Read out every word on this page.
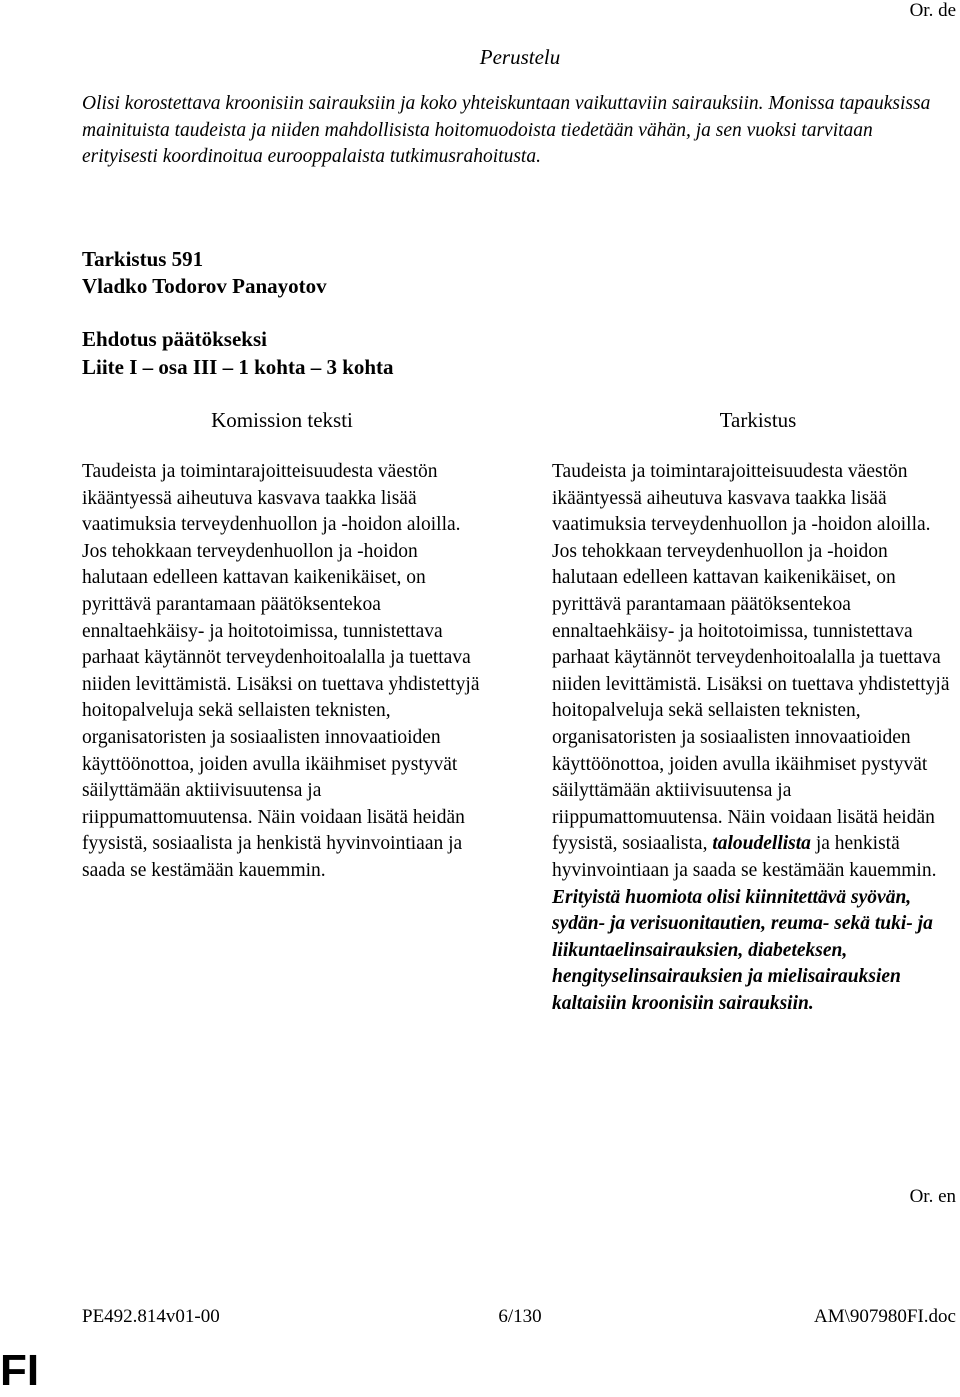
Or. de
Perustelu
Olisi korostettava kroonisiin sairauksiin ja koko yhteiskuntaan vaikuttaviin sairauksiin. Monissa tapauksissa mainituista taudeista ja niiden mahdollisista hoitomuodoista tiedetään vähän, ja sen vuoksi tarvitaan erityisesti koordinoitua eurooppalaista tutkimusrahoitusta.
Tarkistus 591
Vladko Todorov Panayotov
Ehdotus päätökseksi
Liite I – osa III – 1 kohta – 3 kohta
Komission teksti	Tarkistus
Taudeista ja toimintarajoitteisuudesta väestön ikääntyessä aiheutuva kasvava taakka lisää vaatimuksia terveydenhuollon ja -hoidon aloilla. Jos tehokkaan terveydenhuollon ja -hoidon halutaan edelleen kattavan kaikenikäiset, on pyrittävä parantamaan päätöksentekoa ennaltaehkäisy- ja hoitotoimissa, tunnistettava parhaat käytännöt terveydenhoitoalalla ja tuettava niiden levittämistä. Lisäksi on tuettava yhdistettyjä hoitopalveluja sekä sellaisten teknisten, organisatoristen ja sosiaalisten innovaatioiden käyttöönottoa, joiden avulla ikäihmiset pystyvät säilyttämään aktiivisuutensa ja riippumattomuutensa. Näin voidaan lisätä heidän fyysistä, sosiaalista ja henkistä hyvinvointiaan ja saada se kestämään kauemmin.
Taudeista ja toimintarajoitteisuudesta väestön ikääntyessä aiheutuva kasvava taakka lisää vaatimuksia terveydenhuollon ja -hoidon aloilla. Jos tehokkaan terveydenhuollon ja -hoidon halutaan edelleen kattavan kaikenikäiset, on pyrittävä parantamaan päätöksentekoa ennaltaehkäisy- ja hoitotoimissa, tunnistettava parhaat käytännöt terveydenhoitoalalla ja tuettava niiden levittämistä. Lisäksi on tuettava yhdistettyjä hoitopalveluja sekä sellaisten teknisten, organisatoristen ja sosiaalisten innovaatioiden käyttöönottoa, joiden avulla ikäihmiset pystyvät säilyttämään aktiivisuutensa ja riippumattomuutensa. Näin voidaan lisätä heidän fyysistä, sosiaalista, taloudellista ja henkistä hyvinvointiaan ja saada se kestämään kauemmin. Erityistä huomiota olisi kiinnitettävä syövän, sydän- ja verisuonitautien, reuma- sekä tuki- ja liikuntaelinsairauksien, diabeteksen, hengityselinsairauksien ja mielisairauksien kaltaisiin kroonisiin sairauksiin.
Or. en
PE492.814v01-00	6/130	AM\907980FI.doc
FI
